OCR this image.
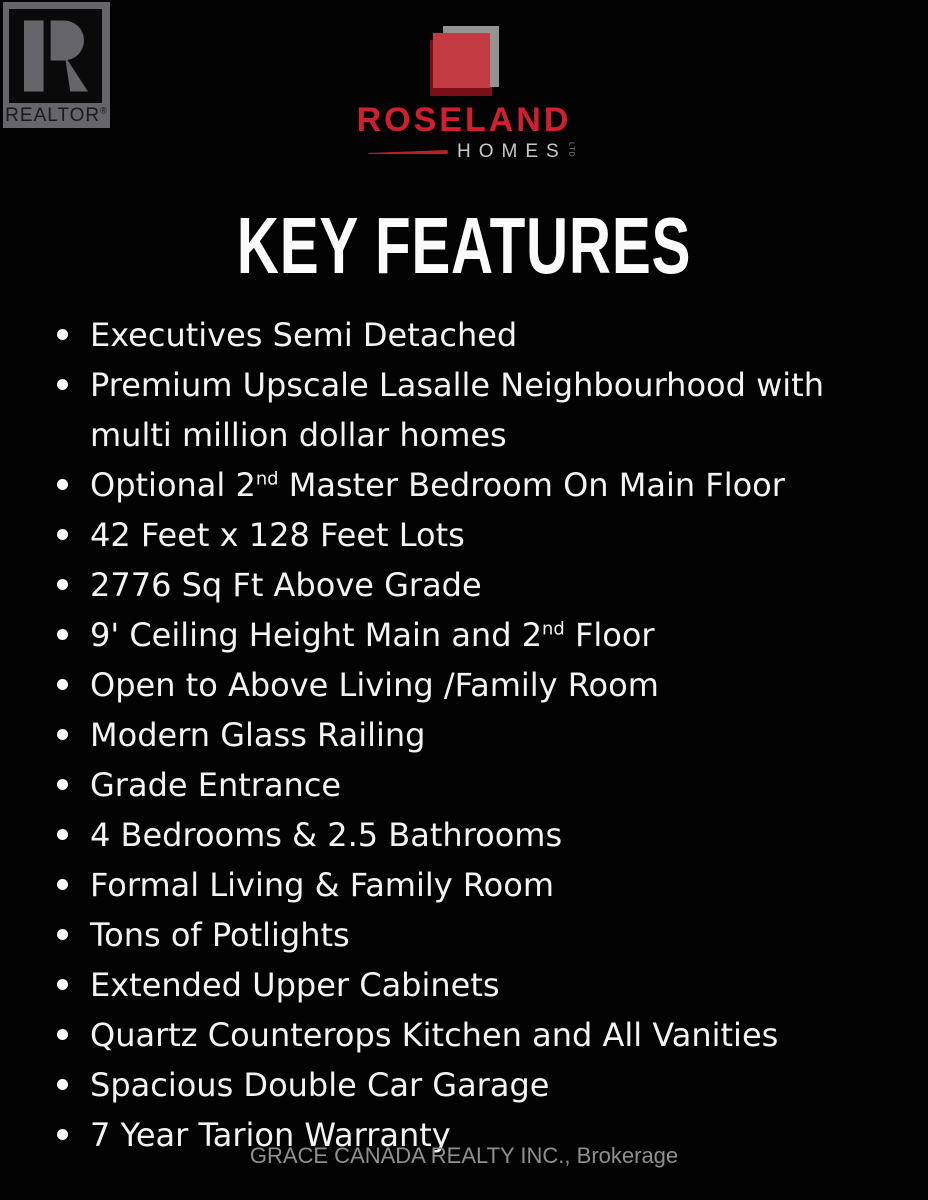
REALTOR®	ROSELAND
HOMES LTD
KEY FEATURES
Executives Semi Detached
Premium Upscale Lasalle Neighbourhood with
multi million dollar homes
Optional 2nd Master Bedroom On Main Floor
42 Feet x 128 Feet Lots
2776 Sq Ft Above Grade
9' Ceiling Height Main and 2nd Floor
Open to Above Living /Family Room
Modern Glass Railing
Grade Entrance
4 Bedrooms & 2.5 Bathrooms
Formal Living & Family Room
Tons of Potlights
Extended Upper Cabinets
Quartz Counterops Kitchen and All Vanities
Spacious Double Car Garage
7 Year Tarion Warranty
GRACE CANADA REALTY INC., Brokerage
